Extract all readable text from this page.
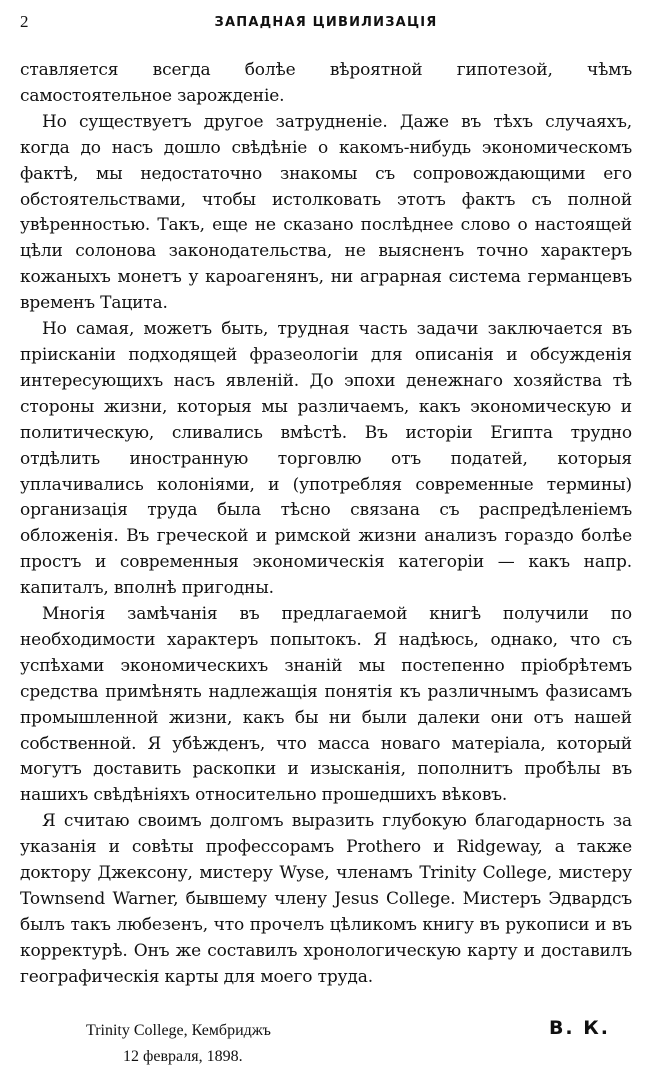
2	ЗАПАДНАЯ ЦИВИЛИЗАЦІЯ

ставляется всегда болѣе вѣроятной гипотезой, чѣмъ самостоятельное зарожденіе.

Но существуетъ другое затрудненіе. Даже въ тѣхъ случаяхъ, когда до насъ дошло свѣдѣніе о какомъ-нибудь экономическомъ фактѣ, мы недостаточно знакомы съ сопровождающими его обстоятельствами, чтобы истолковать этотъ фактъ съ полной увѣренностью. Такъ, еще не сказано послѣднее слово о настоящей цѣли солонова законодательства, не выясненъ точно характеръ кожаныхъ монетъ у кароагенянъ, ни аграрная система германцевъ временъ Тацита.

Но самая, можетъ быть, трудная часть задачи заключается въ прiисканiи подходящей фразеологiи для описанiя и обсужденiя интересующихъ насъ явленiй. До эпохи денежнаго хозяйства тѣ стороны жизни, которыя мы различаемъ, какъ экономическую и политическую, сливались вмѣстѣ. Въ исторiи Египта трудно отдѣлить иностранную торговлю отъ податей, которыя уплачивались колонiями, и (употребляя современные термины) организацiя труда была тѣсно связана съ распредѣленiемъ обложенiя. Въ греческой и римской жизни анализъ гораздо болѣе простъ и современныя экономическiя категорiи — какъ напр. капиталъ, вполнѣ пригодны.

Многiя замѣчанiя въ предлагаемой книгѣ получили по необходимости характеръ попытокъ. Я надѣюсь, однако, что съ успѣхами экономическихъ знанiй мы постепенно прiобрѣтемъ средства примѣнять надлежащiя понятiя къ различнымъ фазисамъ промышленной жизни, какъ бы ни были далеки они отъ нашей собственной. Я убѣжденъ, что масса новаго матерiала, который могутъ доставить раскопки и изысканiя, пополнитъ пробѣлы въ нашихъ свѣдѣнiяхъ относительно прошедшихъ вѣковъ.

Я считаю своимъ долгомъ выразить глубокую благодарность за указанiя и совѣты профессорамъ Prothero и Ridgeway, а также доктору Джексону, мистеру Wyse, членамъ Trinity College, мистеру Townsend Warner, бывшему члену Jesus College. Мистеръ Эдвардсъ былъ такъ любезенъ, что прочелъ цѣликомъ книгу въ рукописи и въ корректурѣ. Онъ же составилъ хронологическую карту и доставилъ географическiя карты для моего труда.

В. К.
Trinity College, Кембриджъ
12 февраля, 1898.
